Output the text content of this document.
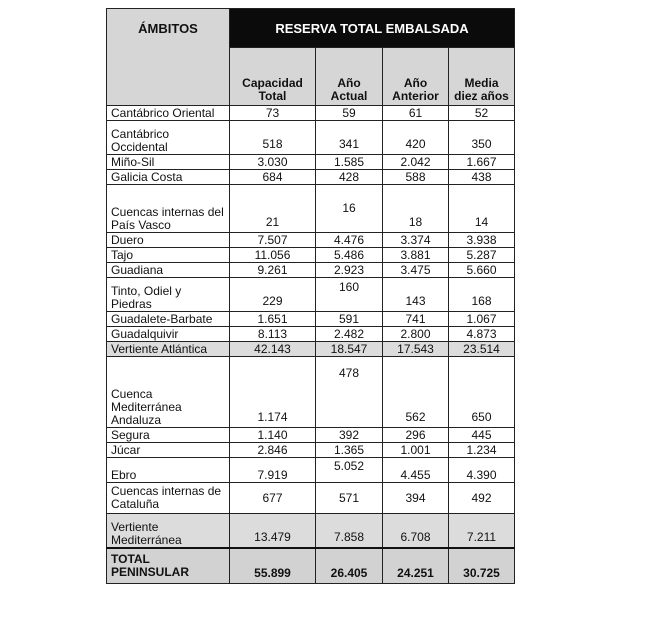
ÁMBITOS	RESERVA TOTAL EMBALSADA			
	Capacidad Total	Año Actual	Año Anterior	Media diez años
Cantábrico Oriental	73	59	61	52
Cantábrico Occidental	518	341	420	350
Miño-Sil	3.030	1.585	2.042	1.667
Galicia Costa	684	428	588	438
Cuencas internas del País Vasco	21	16	18	14
Duero	7.507	4.476	3.374	3.938
Tajo	11.056	5.486	3.881	5.287
Guadiana	9.261	2.923	3.475	5.660
Tinto, Odiel y Piedras	229	160	143	168
Guadalete-Barbate	1.651	591	741	1.067
Guadalquivir	8.113	2.482	2.800	4.873
Vertiente Atlántica	42.143	18.547	17.543	23.514
Cuenca Mediterránea Andaluza	1.174	478	562	650
Segura	1.140	392	296	445
Júcar	2.846	1.365	1.001	1.234
Ebro	7.919	5.052	4.455	4.390
Cuencas internas de Cataluña	677	571	394	492
Vertiente Mediterránea	13.479	7.858	6.708	7.211
TOTAL PENINSULAR	55.899	26.405	24.251	30.725
